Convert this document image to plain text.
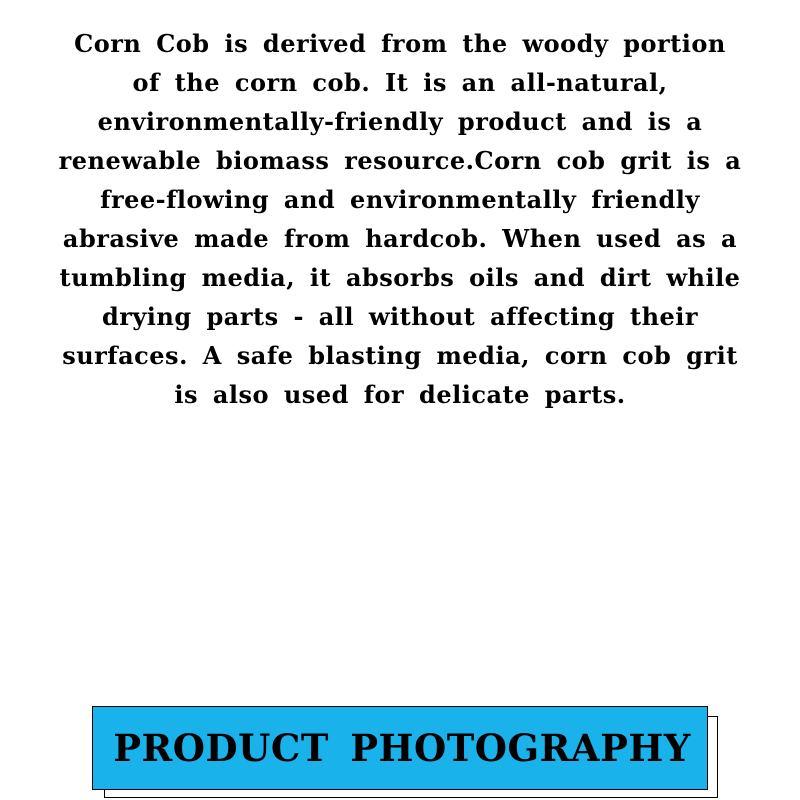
Corn Cob is derived from the woody portion of the corn cob. It is an all-natural, environmentally-friendly product and is a renewable biomass resource.Corn cob grit is a free-flowing and environmentally friendly abrasive made from hardcob. When used as a tumbling media, it absorbs oils and dirt while drying parts - all without affecting their surfaces. A safe blasting media, corn cob grit is also used for delicate parts.

PRODUCT PHOTOGRAPHY
